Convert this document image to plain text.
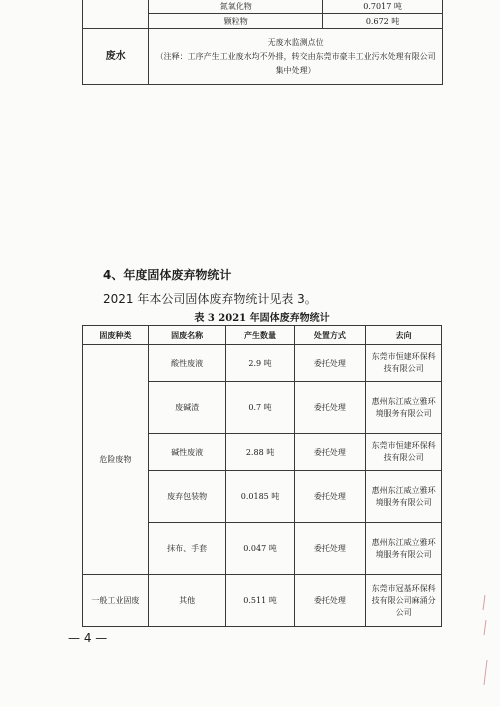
	氮氧化物	0.7017 吨
	颗粒物	0.672 吨
废水	无废水监测点位
（注释：工序产生工业废水均不外排，转交由东莞市豪丰工业污水处理有限公司集中处理）	
4、年度固体废弃物统计
2021 年本公司固体废弃物统计见表 3。
表 3 2021 年固体废弃物统计
固废种类	固废名称	产生数量	处置方式	去向
危险废物	酸性废液	2.9 吨	委托处理	东莞市恒建环保科技有限公司
	废碱渣	0.7 吨	委托处理	惠州东江威立雅环境服务有限公司
	碱性废液	2.88 吨	委托处理	东莞市恒建环保科技有限公司
	废弃包装物	0.0185 吨	委托处理	惠州东江威立雅环境服务有限公司
	抹布、手套	0.047 吨	委托处理	惠州东江威立雅环境服务有限公司
一般工业固废	其他	0.511 吨	委托处理	东莞市冠基环保科技有限公司麻涌分公司
— 4 —
